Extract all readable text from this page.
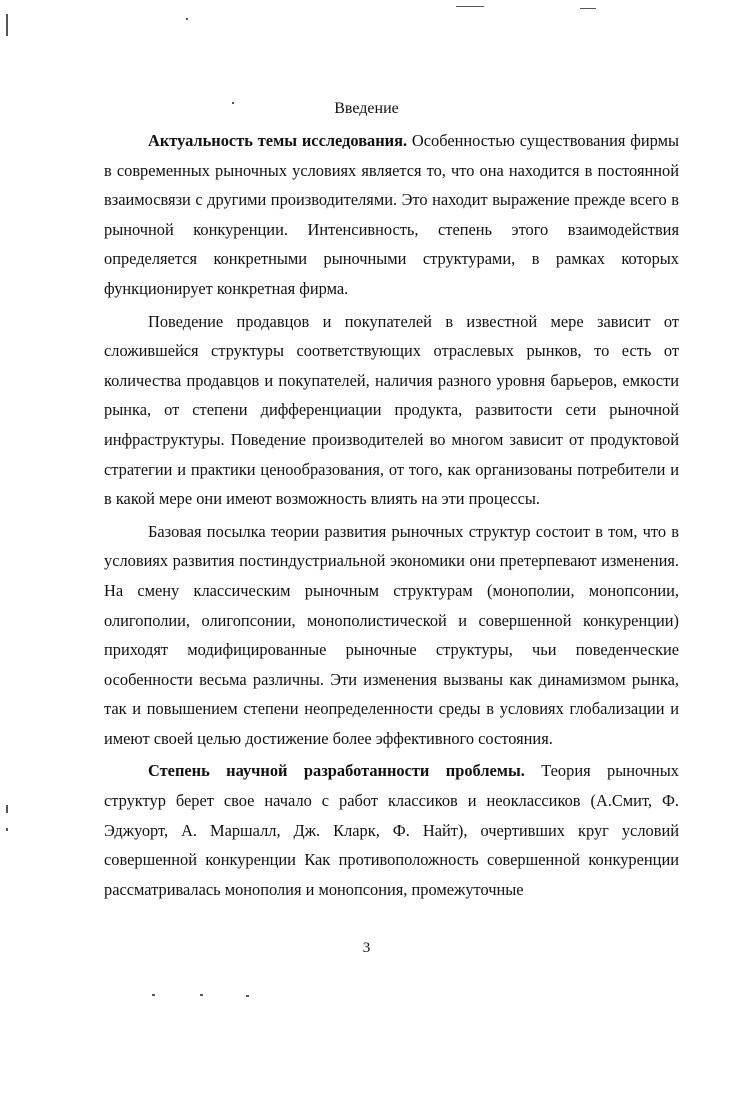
Введение

Актуальность темы исследования. Особенностью существования фирмы в современных рыночных условиях является то, что она находится в постоянной взаимосвязи с другими производителями. Это находит выражение прежде всего в рыночной конкуренции. Интенсивность, степень этого взаимодействия определяется конкретными рыночными структурами, в рамках которых функционирует конкретная фирма.

Поведение продавцов и покупателей в известной мере зависит от сложившейся структуры соответствующих отраслевых рынков, то есть от количества продавцов и покупателей, наличия разного уровня барьеров, емкости рынка, от степени дифференциации продукта, развитости сети рыночной инфраструктуры. Поведение производителей во многом зависит от продуктовой стратегии и практики ценообразования, от того, как организованы потребители и в какой мере они имеют возможность влиять на эти процессы.

Базовая посылка теории развития рыночных структур состоит в том, что в условиях развития постиндустриальной экономики они претерпевают изменения. На смену классическим рыночным структурам (монополии, монопсонии, олигополии, олигопсонии, монополистической и совершенной конкуренции) приходят модифицированные рыночные структуры, чьи поведенческие особенности весьма различны. Эти изменения вызваны как динамизмом рынка, так и повышением степени неопределенности среды в условиях глобализации и имеют своей целью достижение более эффективного состояния.

Степень научной разработанности проблемы. Теория рыночных структур берет свое начало с работ классиков и неоклассиков (А.Смит, Ф. Эджуорт, А. Маршалл, Дж. Кларк, Ф. Найт), очертивших круг условий совершенной конкуренции Как противоположность совершенной конкуренции рассматривалась монополия и монопсония, промежуточные

3
